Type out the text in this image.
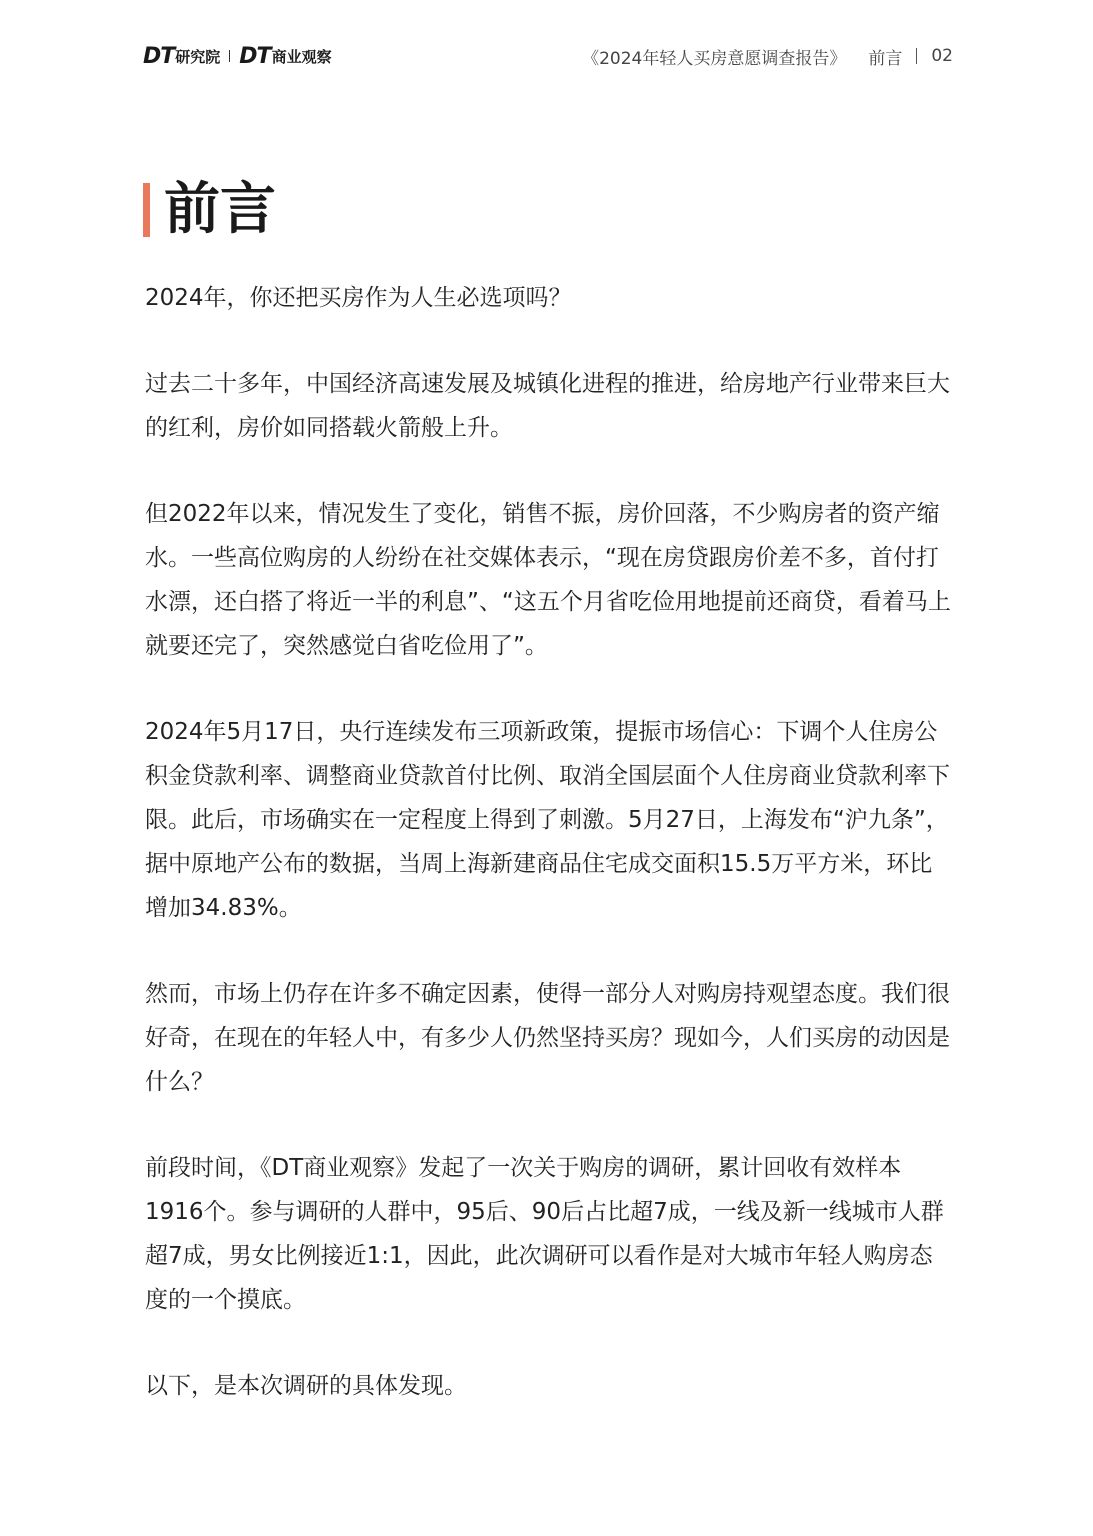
DT 研究院 DT 商业观察	《2024年轻人买房意愿调查报告》 前言 02
前言

2024年，你还把买房作为人生必选项吗？

过去二十多年，中国经济高速发展及城镇化进程的推进，给房地产行业带来巨大的红利，房价如同搭载火箭般上升。

但2022年以来，情况发生了变化，销售不振，房价回落，不少购房者的资产缩水。一些高位购房的人纷纷在社交媒体表示，“现在房贷跟房价差不多，首付打水漂，还白搭了将近一半的利息”、“这五个月省吃俭用地提前还商贷，看着马上就要还完了，突然感觉白省吃俭用了”。

2024年5月17日，央行连续发布三项新政策，提振市场信心：下调个人住房公积金贷款利率、调整商业贷款首付比例、取消全国层面个人住房商业贷款利率下限。此后，市场确实在一定程度上得到了刺激。5月27日，上海发布“沪九条”，据中原地产公布的数据，当周上海新建商品住宅成交面积15.5万平方米，环比增加34.83%。

然而，市场上仍存在许多不确定因素，使得一部分人对购房持观望态度。我们很好奇，在现在的年轻人中，有多少人仍然坚持买房？现如今，人们买房的动因是什么？

前段时间，《DT商业观察》发起了一次关于购房的调研，累计回收有效样本1916个。参与调研的人群中，95后、90后占比超7成，一线及新一线城市人群超7成，男女比例接近1:1，因此，此次调研可以看作是对大城市年轻人购房态度的一个摸底。

以下，是本次调研的具体发现。
